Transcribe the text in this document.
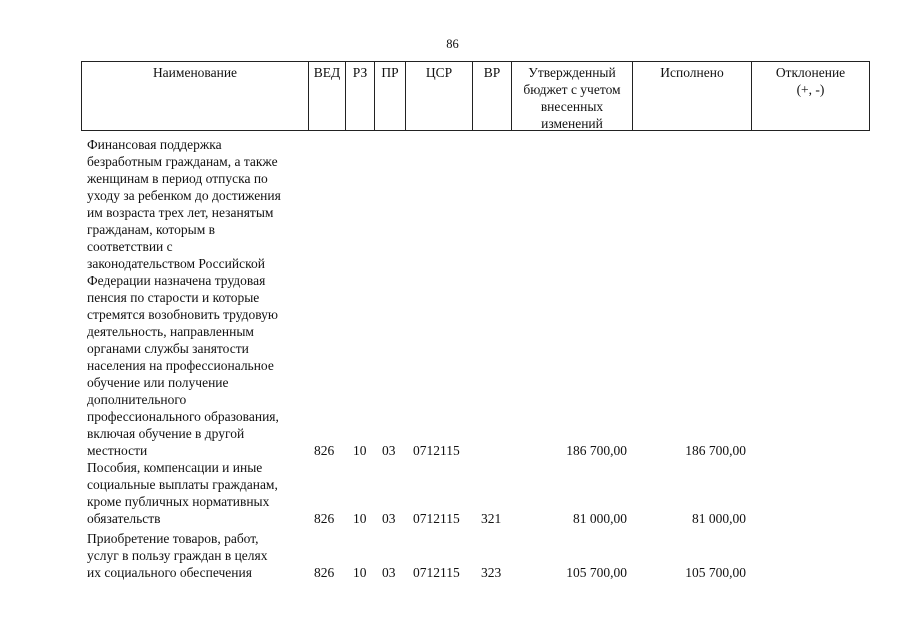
86
Наименование	ВЕД РЗ	ПР	ЦСР	ВР	Утвержденный
бюджет с учетом
внесенных
изменений
Исполнено	Отклонение
(+, -)
Финансовая поддержка
безработным гражданам, а также
женщинам в период отпуска по
уходу за ребенком до достижения
им возраста трех лет, незанятым
гражданам, которым в
соответствии с
законодательством Российской
Федерации назначена трудовая
пенсия по старости и которые
стремятся возобновить трудовую
деятельность, направленным
органами службы занятости
населения на профессиональное
обучение или получение
дополнительного
профессионального образования,
включая обучение в другой
местности	826 10 03 0712115	186 700,00	186 700,00
Пособия, компенсации и иные
социальные выплаты гражданам,
кроме публичных нормативных
обязательств	826 10 03 0712115 321	81 000,00	81 000,00
Приобретение товаров, работ,
услуг в пользу граждан в целях
их социального обеспечения	826 10 03 0712115 323	105 700,00	105 700,00
